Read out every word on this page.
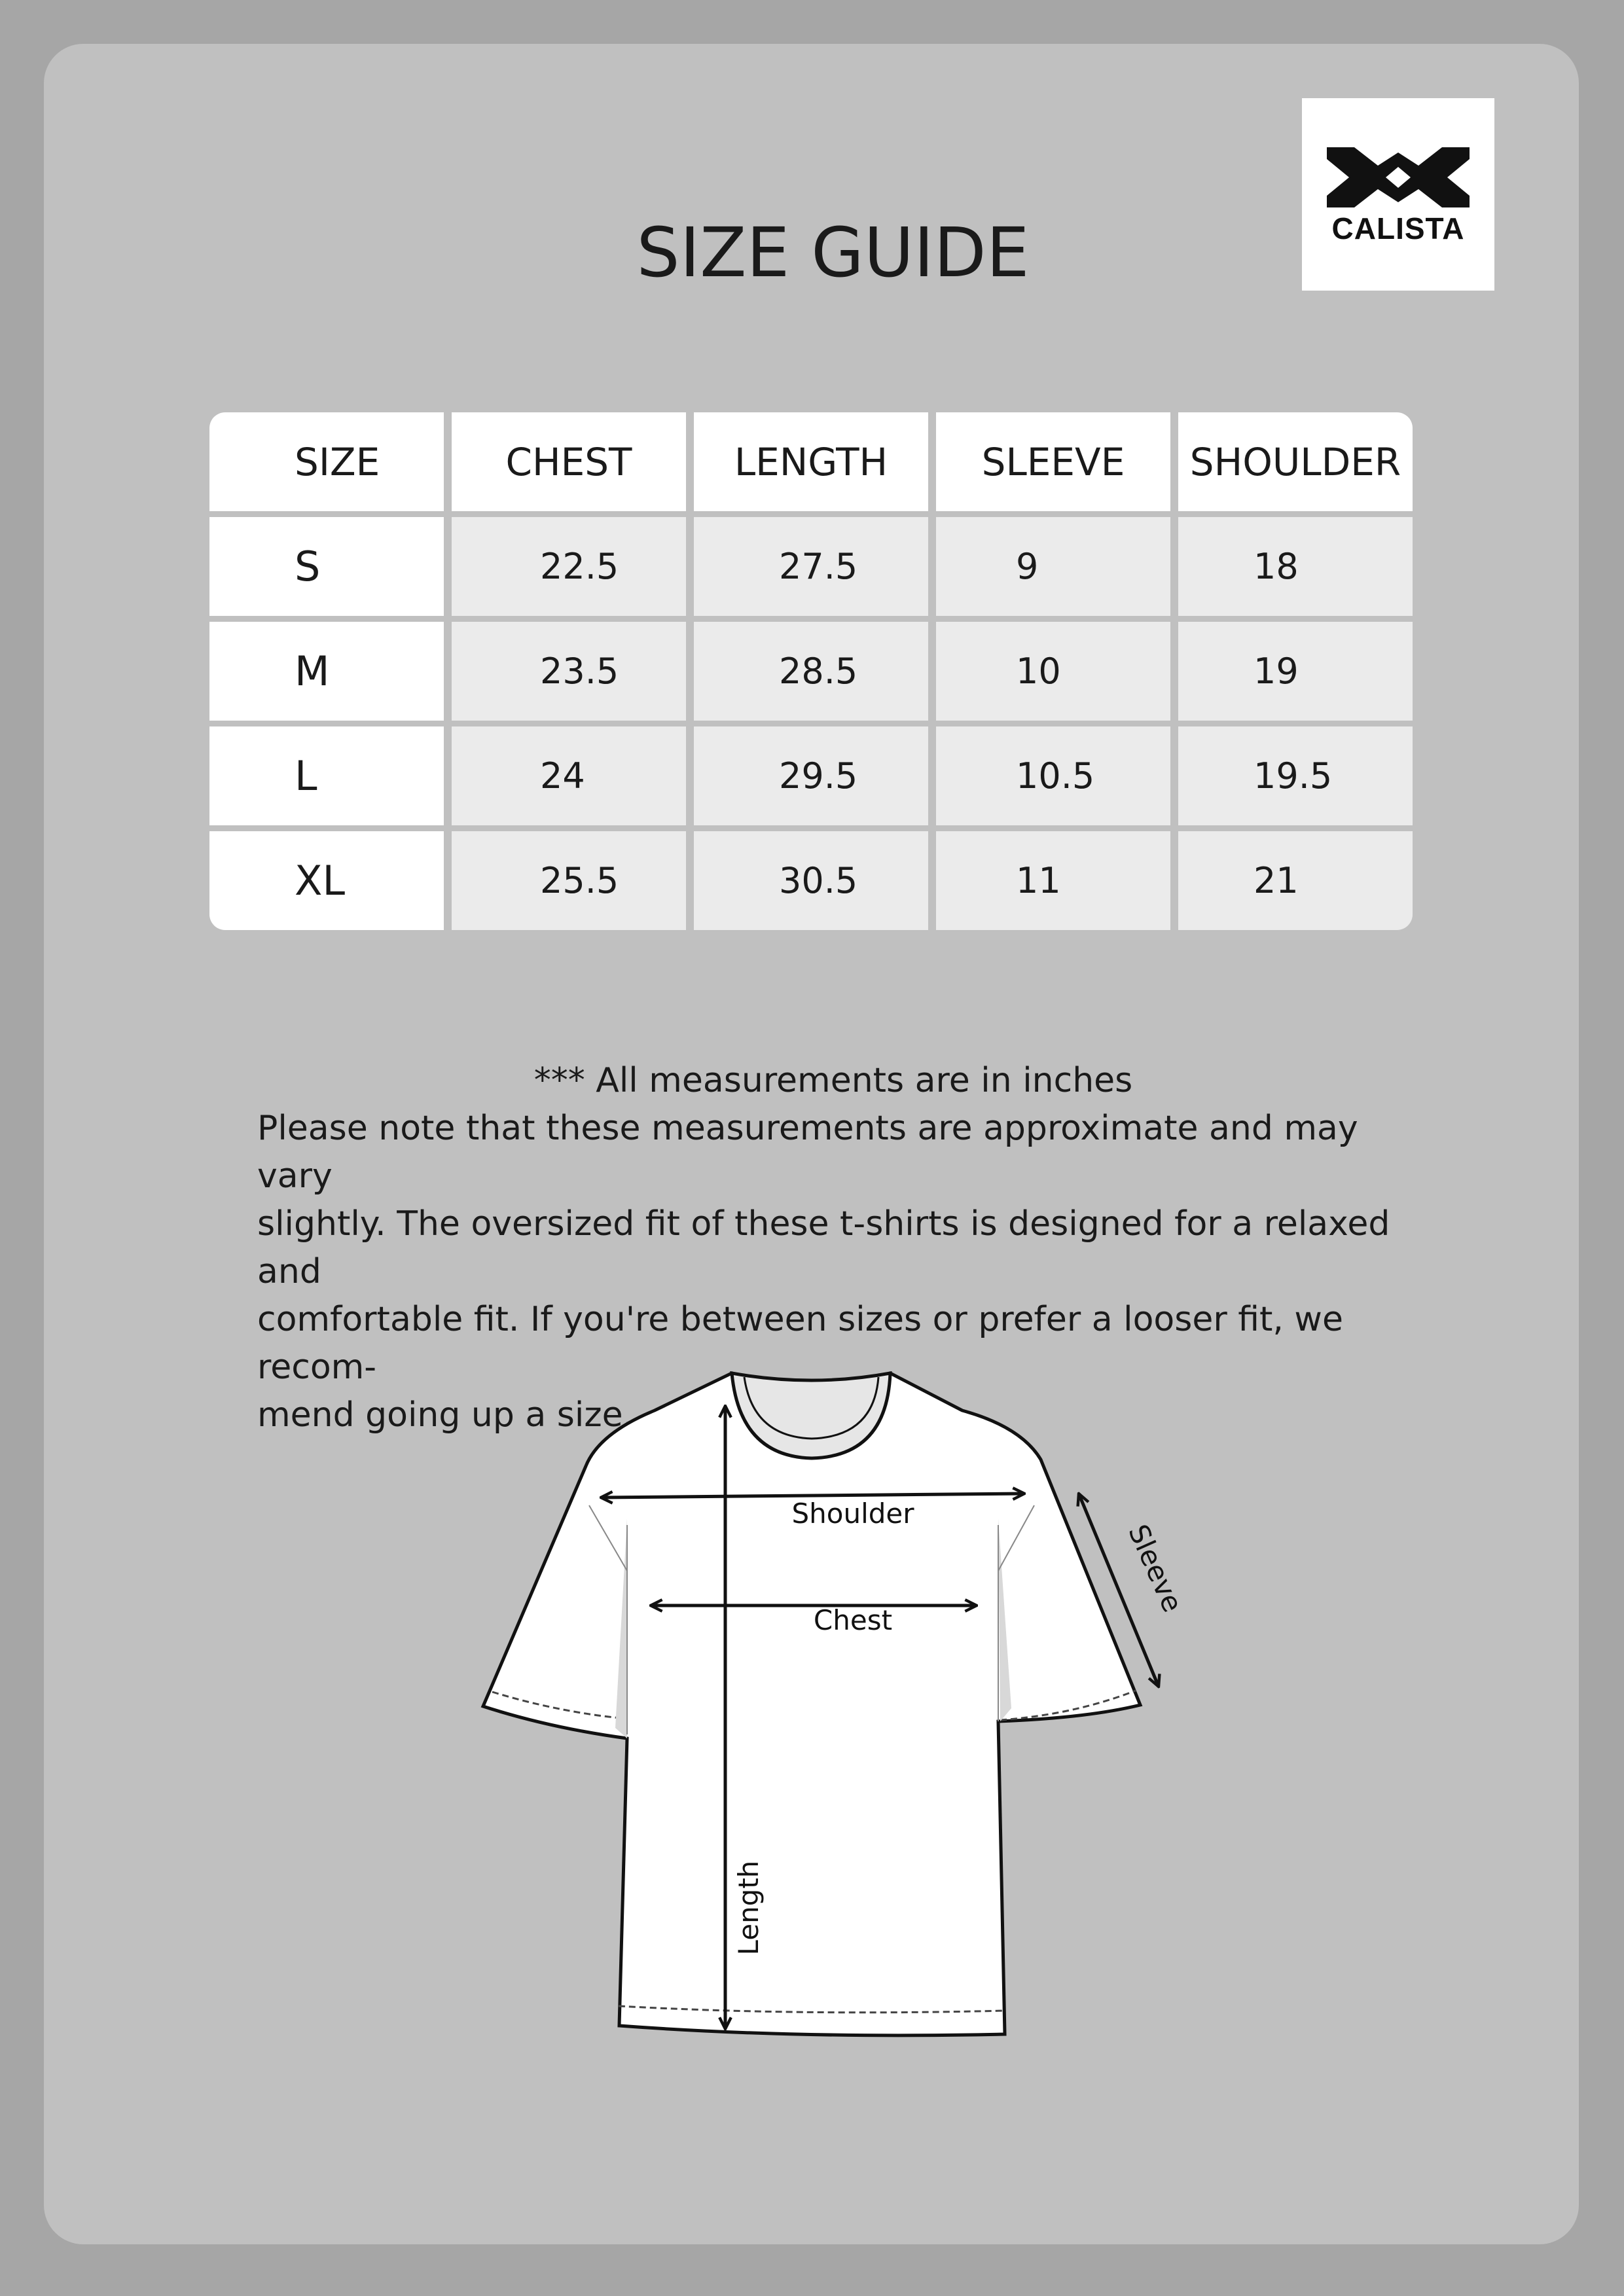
CALISTA
SIZE GUIDE
SIZE	CHEST	LENGTH	SLEEVE	SHOULDER
S	22.5	27.5	9	18
M	23.5	28.5	10	19
L	24	29.5	10.5	19.5
XL	25.5	30.5	11	21

*** All measurements are in inches

Please note that these measurements are approximate and may vary

slightly. The oversized fit of these t-shirts is designed for a relaxed and

comfortable fit. If you're between sizes or prefer a looser fit, we recom-

mend going up a size.

Shoulder
Chest
Sleeve
Length
